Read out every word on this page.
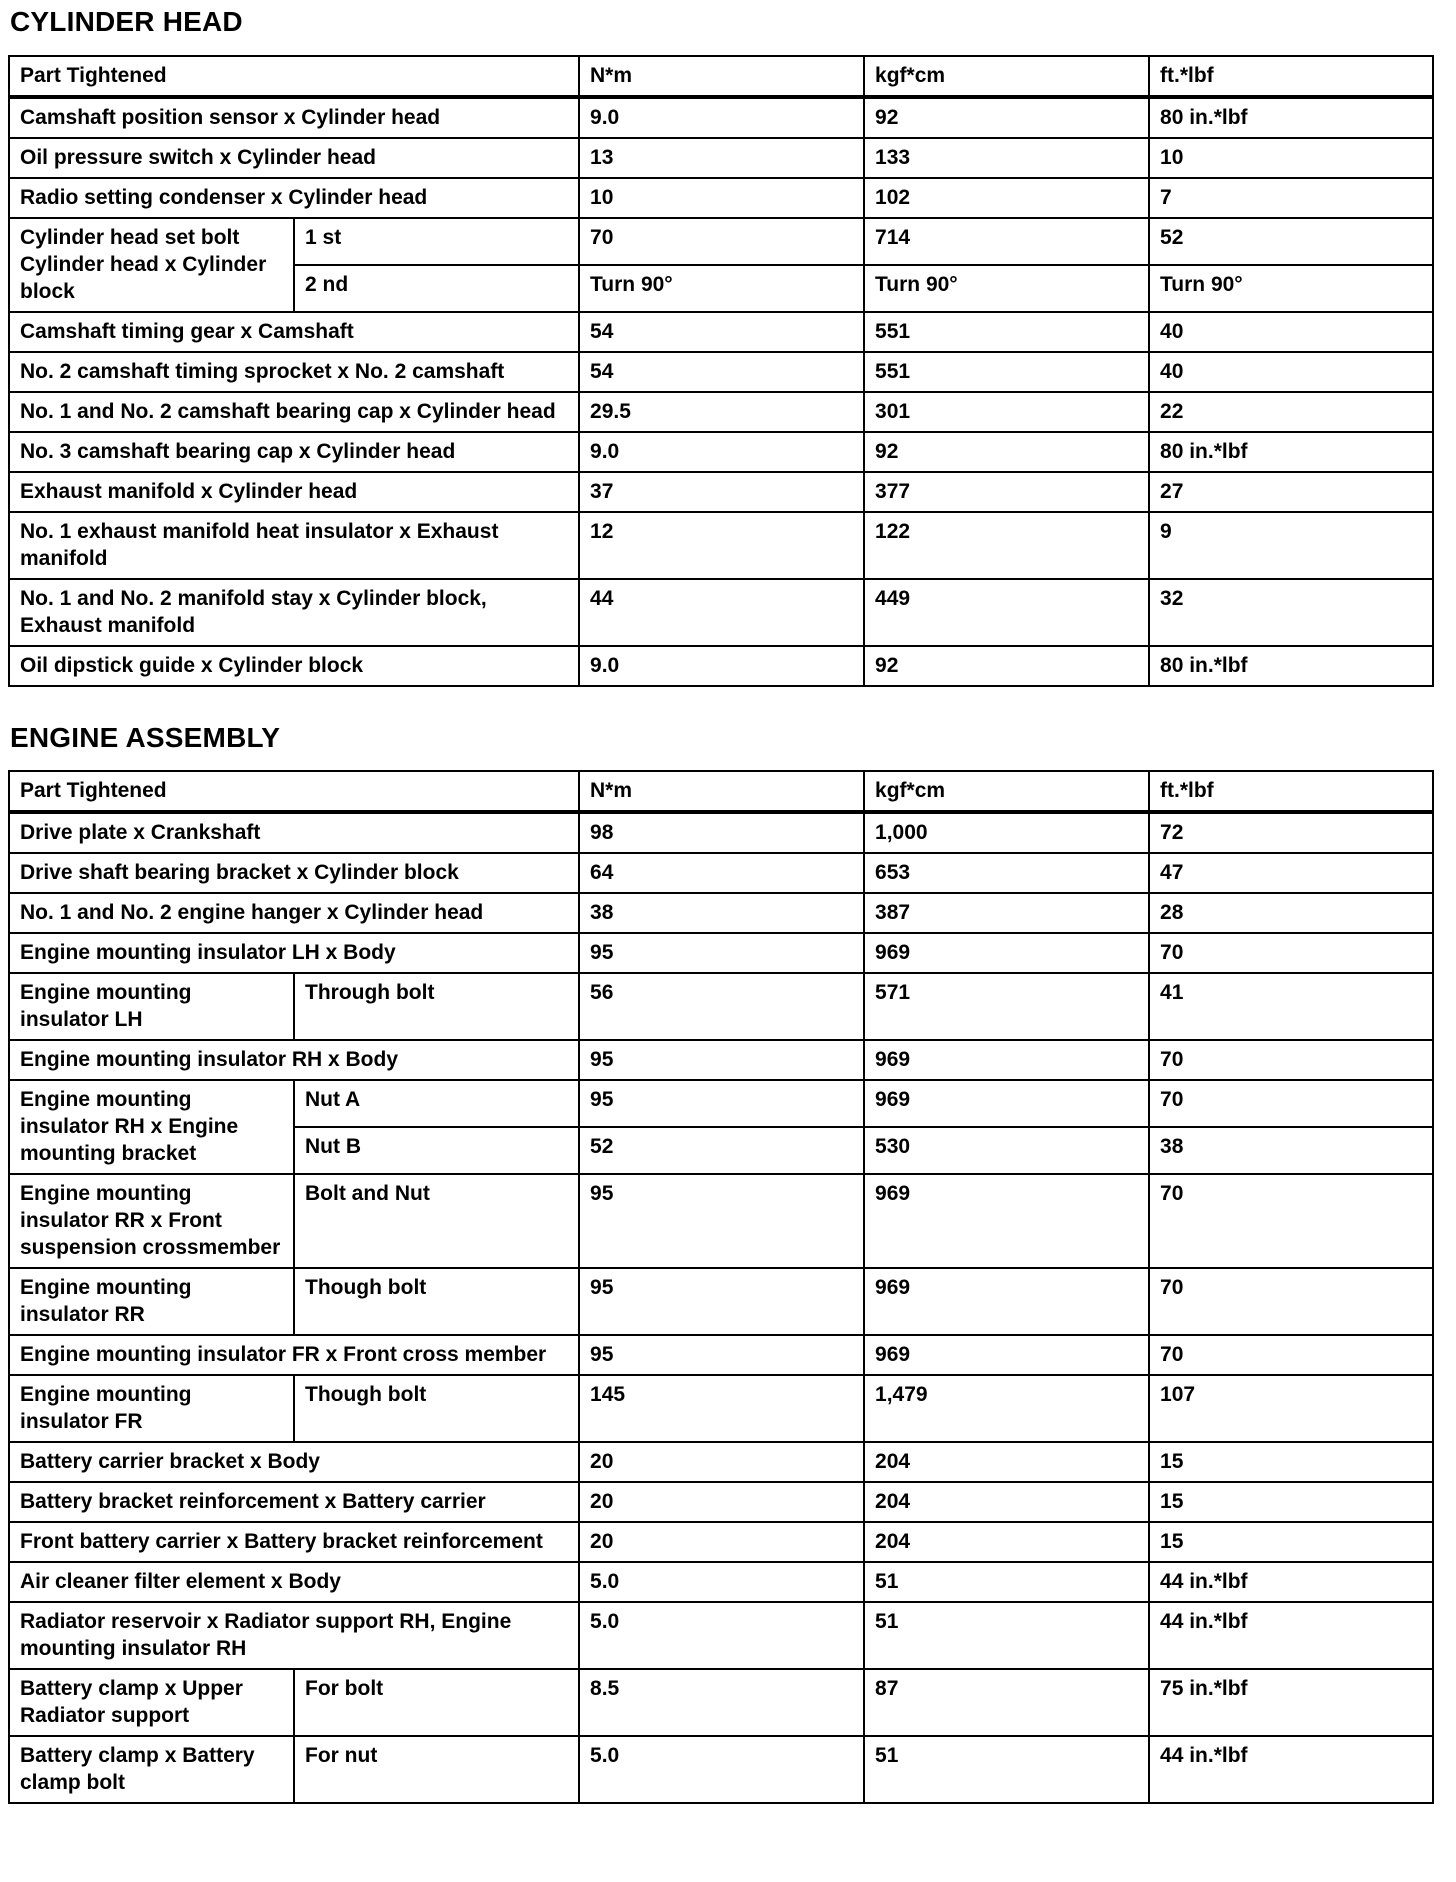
CYLINDER HEAD
Part Tightened		N*m	kgf*cm	ft.*lbf
Camshaft position sensor x Cylinder head		9.0	92	80 in.*lbf
Oil pressure switch x Cylinder head		13	133	10
Radio setting condenser x Cylinder head		10	102	7
Cylinder head set bolt Cylinder head x Cylinder block	1 st	70	714	52
	2 nd	Turn 90°	Turn 90°	Turn 90°
Camshaft timing gear x Camshaft		54	551	40
No. 2 camshaft timing sprocket x No. 2 camshaft		54	551	40
No. 1 and No. 2 camshaft bearing cap x Cylinder head		29.5	301	22
No. 3 camshaft bearing cap x Cylinder head		9.0	92	80 in.*lbf
Exhaust manifold x Cylinder head		37	377	27
No. 1 exhaust manifold heat insulator x Exhaust manifold		12	122	9
No. 1 and No. 2 manifold stay x Cylinder block, Exhaust manifold		44	449	32
Oil dipstick guide x Cylinder block		9.0	92	80 in.*lbf
ENGINE ASSEMBLY
Part Tightened		N*m	kgf*cm	ft.*lbf
Drive plate x Crankshaft		98	1,000	72
Drive shaft bearing bracket x Cylinder block		64	653	47
No. 1 and No. 2 engine hanger x Cylinder head		38	387	28
Engine mounting insulator LH x Body		95	969	70
Engine mounting insulator LH	Through bolt	56	571	41
Engine mounting insulator RH x Body		95	969	70
Engine mounting insulator RH x Engine mounting bracket	Nut A	95	969	70
	Nut B	52	530	38
Engine mounting insulator RR x Front suspension crossmember	Bolt and Nut	95	969	70
Engine mounting insulator RR	Though bolt	95	969	70
Engine mounting insulator FR x Front cross member		95	969	70
Engine mounting insulator FR	Though bolt	145	1,479	107
Battery carrier bracket x Body		20	204	15
Battery bracket reinforcement x Battery carrier		20	204	15
Front battery carrier x Battery bracket reinforcement		20	204	15
Air cleaner filter element x Body		5.0	51	44 in.*lbf
Radiator reservoir x Radiator support RH, Engine mounting insulator RH		5.0	51	44 in.*lbf
Battery clamp x Upper Radiator support	For bolt	8.5	87	75 in.*lbf
Battery clamp x Battery clamp bolt	For nut	5.0	51	44 in.*lbf
